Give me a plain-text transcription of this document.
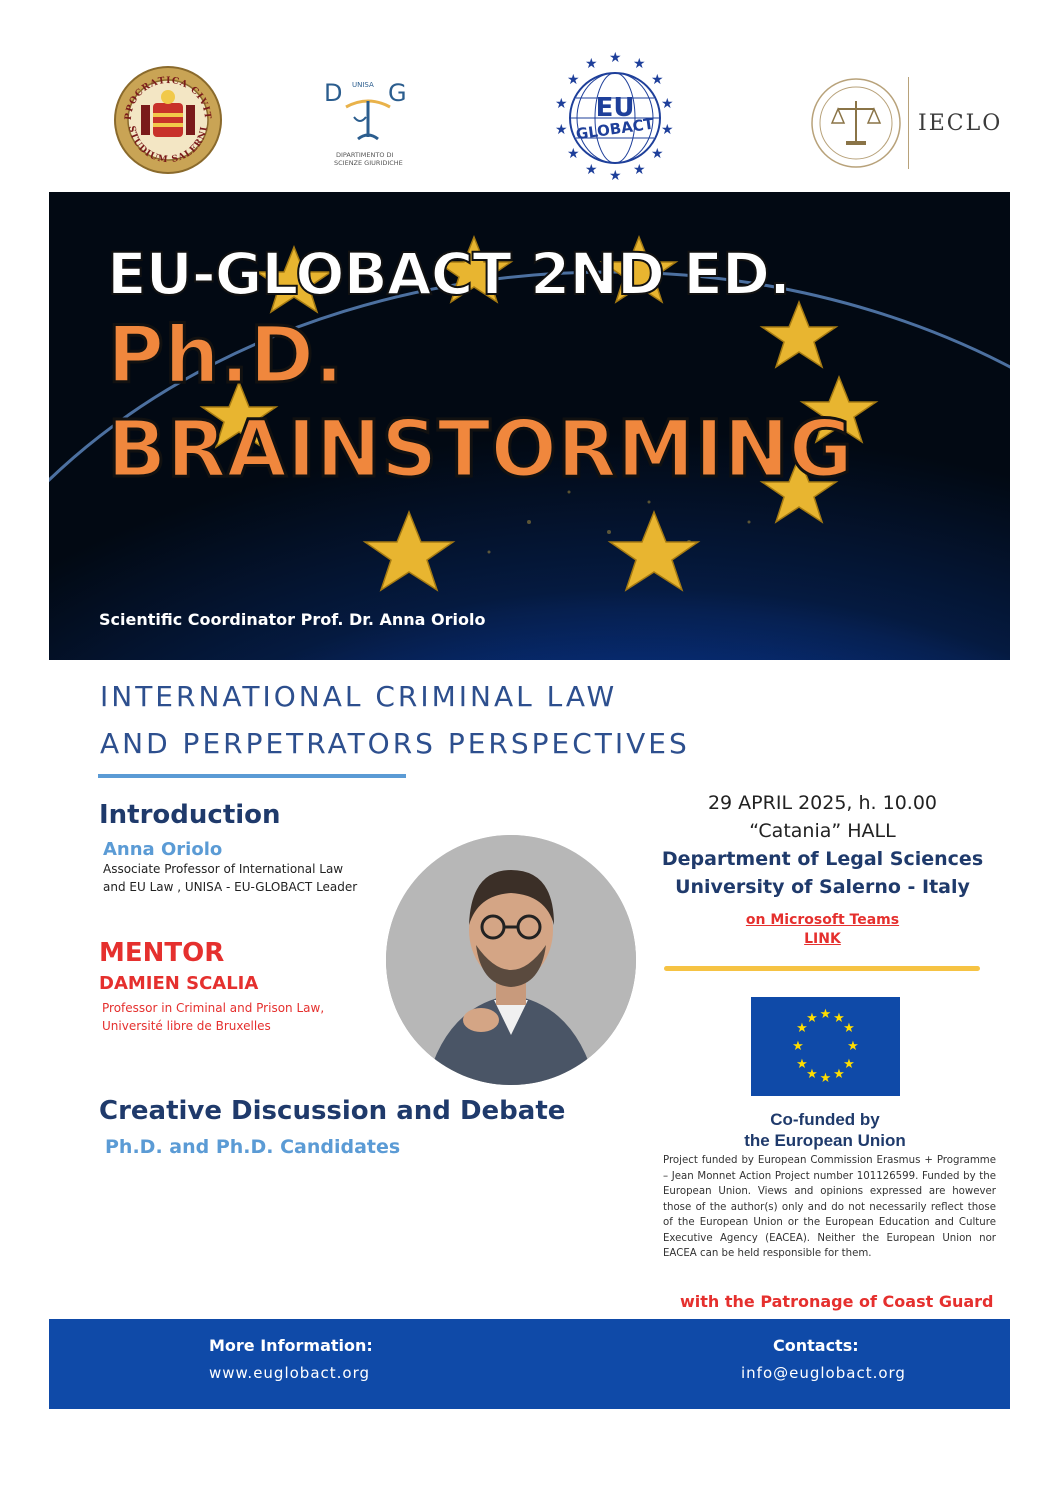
PPOCRATICA CIVIT
STUDIUM SALERNI
D G
UNISA
DIPARTIMENTO DI
SCIENZE GIURIDICHE
★ ★
★
★
★
★
★
★
★
★
★
★
★
★
EU
GLOBACT	IECLO
EU-GLOBACT 2ND ED.
Ph.D.
BRAINSTORMING
Scientific Coordinator Prof. Dr. Anna Oriolo
INTERNATIONAL CRIMINAL LAW
AND PERPETRATORS PERSPECTIVES
Introduction
Anna Oriolo
Associate Professor of International Law
and EU Law , UNISA - EU-GLOBACT Leader
MENTOR
DAMIEN SCALIA
Professor in Criminal and Prison Law,
Université libre de Bruxelles
Creative Discussion and Debate
Ph.D. and Ph.D. Candidates
29 APRIL 2025, h. 10.00
“Catania” HALL
Department of Legal Sciences
University of Salerno - Italy
on Microsoft Teams
LINK
★ ★
★
★
★
★
★
★
★
★
★
★
Co-funded by
the European Union
Project funded by European Commission Erasmus + Programme – Jean Monnet Action Project number 101126599. Funded by the European Union. Views and opinions expressed are however those of the author(s) only and do not necessarily reflect those of the European Union or the European Education and Culture Executive Agency (EACEA). Neither the European Union nor EACEA can be held responsible for them.
with the Patronage of Coast Guard
More Information:
www.euglobact.org
Contacts:
info@euglobact.org
